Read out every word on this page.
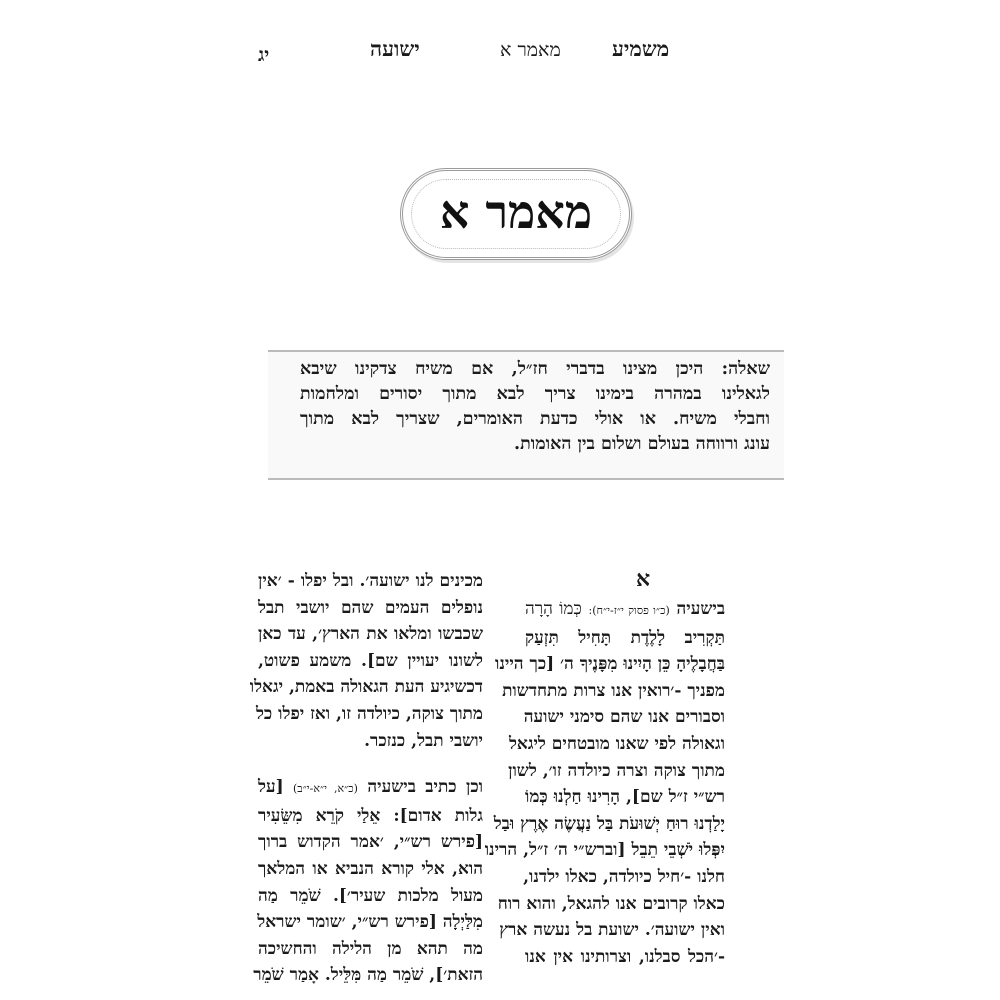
יג	ישועה	מאמר א משמיע
מאמר א
שאלה: היכן מצינו בדברי חז״ל, אם משיח צדקינו שיבא
לגאלינו במהרה בימינו צריך לבא מתוך יסורים ומלחמות
וחבלי משיח. או אולי כדעת האומרים, שצריך לבא מתוך
עונג ורווחה בעולם ושלום בין האומות.
א
בישעיה (כ״ו פסוק י״ז-י״ח): כְּמוֹ הָרָה
תַּקְרִיב לָלֶדֶת תָּחִיל תִּזְעַק
בַּחֲבָלֶיהָ כֵּן הָיִינוּ מִפָּנֶיךָ ה׳ [כך היינו
מפניך -׳רואין אנו צרות מתחדשות
וסבורים אנו שהם סימני ישועה
וגאולה לפי שאנו מובטחים ליגאל
מתוך צוקה וצרה כיולדה זו׳, לשון
רש״י ז״ל שם], הָרִינוּ חַלְנוּ כְּמוֹ
יָלַדְנוּ רוּחַ יְשׁוּעֹת בַּל נַעֲשֶׂה אֶרֶץ וּבַל
יִפְּלוּ יֹשְׁבֵי תֵבֵל [וברש״י ה׳ ז״ל, הרינו
חלנו -׳חיל כיולדה, כאלו ילדנו,
כאלו קרובים אנו להגאל, והוא רוח
ואין ישועה׳. ישועת בל נעשה ארץ
-׳הכל סבלנו, וצרותינו אין אנו
מכינים לנו ישועה׳. ובל יפלו - ׳אין
נופלים העמים שהם יושבי תבל
שכבשו ומלאו את הארץ׳, עד כאן
לשונו יעויין שם]. משמע פשוט,
דכשיגיע העת הגאולה באמת, יגאלו
מתוך צוקה, כיולדה זו, ואז יפלו כל
יושבי תבל, כנזכר.
וכן כתיב בישעיה (כ״א, י״א-י״ב) [על
גלות אדום]: אֵלַי קֹרֵא מִשֵּׂעִיר
[פירש רש״י, ׳אמר הקדוש ברוך
הוא, אלי קורא הנביא או המלאך
מעול מלכות שעיר׳]. שֹׁמֵר מַה
מִלַּיְלָה [פירש רש״י, ׳שומר ישראל
מה תהא מן הלילה והחשיכה
הזאת׳], שֹׁמֵר מַה מִּלֵּיל. אָמַר שֹׁמֵר
